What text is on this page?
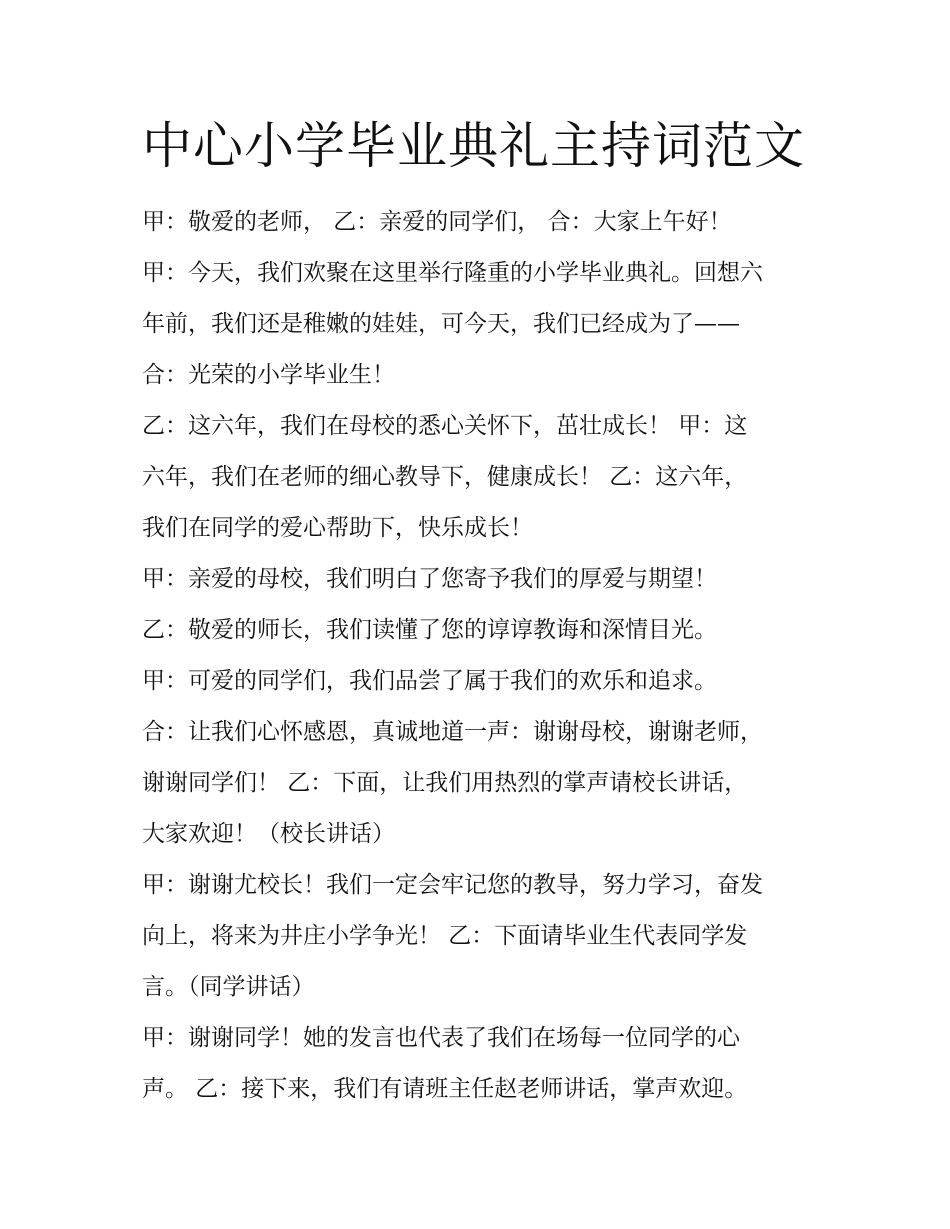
中心小学毕业典礼主持词范文
甲：敬爱的老师， 乙：亲爱的同学们， 合：大家上午好！
甲：今天，我们欢聚在这里举行隆重的小学毕业典礼。回想六
年前，我们还是稚嫩的娃娃，可今天，我们已经成为了——
合：光荣的小学毕业生！
乙：这六年，我们在母校的悉心关怀下，茁壮成长！ 甲：这
六年，我们在老师的细心教导下，健康成长！ 乙：这六年，
我们在同学的爱心帮助下，快乐成长！
甲：亲爱的母校，我们明白了您寄予我们的厚爱与期望！
乙：敬爱的师长，我们读懂了您的谆谆教诲和深情目光。
甲：可爱的同学们，我们品尝了属于我们的欢乐和追求。
合：让我们心怀感恩，真诚地道一声：谢谢母校，谢谢老师，
谢谢同学们！ 乙：下面，让我们用热烈的掌声请校长讲话，
大家欢迎！（校长讲话）
甲：谢谢尤校长！我们一定会牢记您的教导，努力学习，奋发
向上，将来为井庄小学争光！ 乙：下面请毕业生代表同学发
言。（同学讲话）
甲：谢谢同学！她的发言也代表了我们在场每一位同学的心
声。 乙：接下来，我们有请班主任赵老师讲话，掌声欢迎。
